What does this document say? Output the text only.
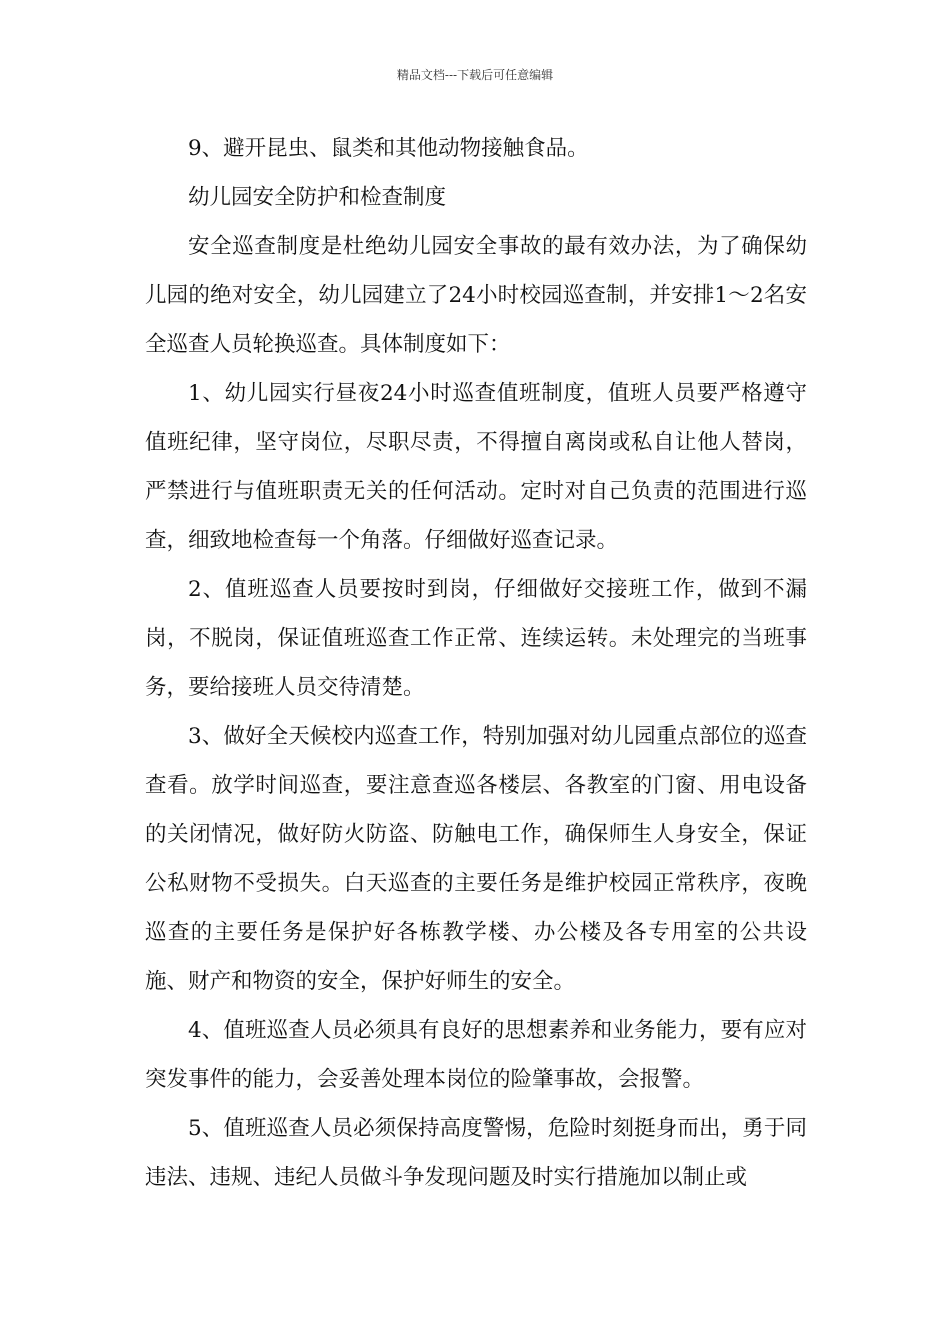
精品文档---下载后可任意编辑

9、避开昆虫、鼠类和其他动物接触食品。

幼儿园安全防护和检查制度

安全巡查制度是杜绝幼儿园安全事故的最有效办法，为了确保幼儿园的绝对安全，幼儿园建立了24小时校园巡查制，并安排1～2名安全巡查人员轮换巡查。具体制度如下：

1、幼儿园实行昼夜24小时巡查值班制度，值班人员要严格遵守值班纪律，坚守岗位，尽职尽责，不得擅自离岗或私自让他人替岗，严禁进行与值班职责无关的任何活动。定时对自己负责的范围进行巡查，细致地检查每一个角落。仔细做好巡查记录。

2、值班巡查人员要按时到岗，仔细做好交接班工作，做到不漏岗，不脱岗，保证值班巡查工作正常、连续运转。未处理完的当班事务，要给接班人员交待清楚。

3、做好全天候校内巡查工作，特别加强对幼儿园重点部位的巡查查看。放学时间巡查，要注意查巡各楼层、各教室的门窗、用电设备的关闭情况，做好防火防盗、防触电工作，确保师生人身安全，保证公私财物不受损失。白天巡查的主要任务是维护校园正常秩序，夜晚巡查的主要任务是保护好各栋教学楼、办公楼及各专用室的公共设施、财产和物资的安全，保护好师生的安全。

4、值班巡查人员必须具有良好的思想素养和业务能力，要有应对突发事件的能力，会妥善处理本岗位的险肇事故，会报警。

5、值班巡查人员必须保持高度警惕，危险时刻挺身而出，勇于同违法、违规、违纪人员做斗争发现问题及时实行措施加以制止或
